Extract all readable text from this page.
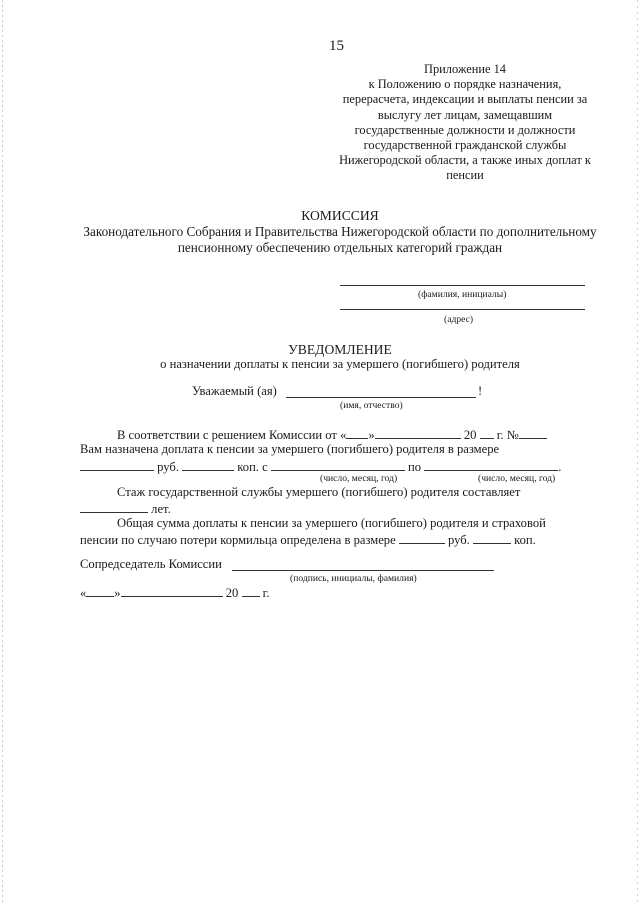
15
Приложение 14
к Положению о порядке назначения,
перерасчета, индексации и выплаты пенсии за
выслугу лет лицам, замещавшим
государственные должности и должности
государственной гражданской службы
Нижегородской области, а также иных доплат к
пенсии
КОМИССИЯ
Законодательного Собрания и Правительства Нижегородской области по дополнительному
пенсионному обеспечению отдельных категорий граждан
(фамилия, инициалы)
(адрес)
УВЕДОМЛЕНИЕ
о назначении доплаты к пенсии за умершего (погибшего) родителя
Уважаемый (ая)	!
(имя, отчество)
В соответствии с решением Комиссии от « »	20 г. №
Вам назначена доплата к пенсии за умершего (погибшего) родителя в размере
руб.	коп. с	по	.
(число, месяц, год)	(число, месяц, год)
Стаж государственной службы умершего (погибшего) родителя составляет
лет.
Общая сумма доплаты к пенсии за умершего (погибшего) родителя и страховой
пенсии по случаю потери кормильца определена в размере	руб.	коп.
Сопредседатель Комиссии
(подпись, инициалы, фамилия)
« »	20 г.
